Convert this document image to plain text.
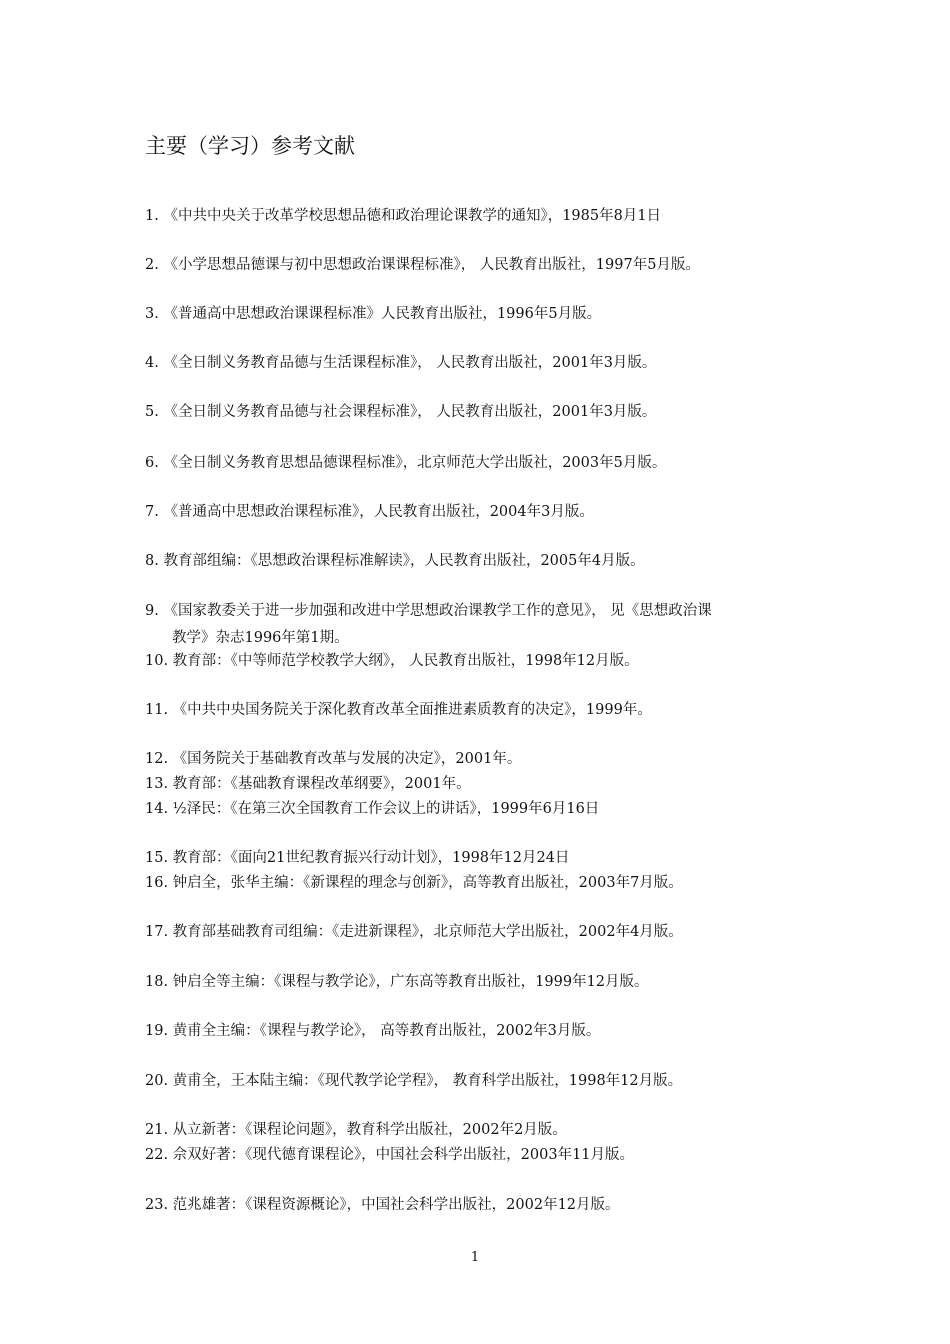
主要（学习）参考文献
1. 《中共中央关于改革学校思想品德和政治理论课教学的通知》，1985年8月1日
2. 《小学思想品德课与初中思想政治课课程标准》， 人民教育出版社，1997年5月版。
3. 《普通高中思想政治课课程标准》人民教育出版社，1996年5月版。
4. 《全日制义务教育品德与生活课程标准》， 人民教育出版社，2001年3月版。
5. 《全日制义务教育品德与社会课程标准》， 人民教育出版社，2001年3月版。
6. 《全日制义务教育思想品德课程标准》，北京师范大学出版社，2003年5月版。
7. 《普通高中思想政治课程标准》，人民教育出版社，2004年3月版。
8. 教育部组编：《思想政治课程标准解读》，人民教育出版社，2005年4月版。
9. 《国家教委关于进一步加强和改进中学思想政治课教学工作的意见》， 见《思想政治课
教学》杂志1996年第1期。
10. 教育部：《中等师范学校教学大纲》， 人民教育出版社，1998年12月版。
11. 《中共中央国务院关于深化教育改革全面推进素质教育的决定》，1999年。
12. 《国务院关于基础教育改革与发展的决定》，2001年。
13. 教育部：《基础教育课程改革纲要》，2001年。
14. ½泽民：《在第三次全国教育工作会议上的讲话》，1999年6月16日
15. 教育部：《面向21世纪教育振兴行动计划》，1998年12月24日
16. 钟启全，张华主编：《新课程的理念与创新》，高等教育出版社，2003年7月版。
17. 教育部基础教育司组编：《走进新课程》，北京师范大学出版社，2002年4月版。
18. 钟启全等主编：《课程与教学论》，广东高等教育出版社，1999年12月版。
19. 黄甫全主编：《课程与教学论》， 高等教育出版社，2002年3月版。
20. 黄甫全，王本陆主编：《现代教学论学程》， 教育科学出版社，1998年12月版。
21. 从立新著：《课程论问题》，教育科学出版社，2002年2月版。
22. 佘双好著：《现代德育课程论》，中国社会科学出版社，2003年11月版。
23. 范兆雄著：《课程资源概论》，中国社会科学出版社，2002年12月版。
1
